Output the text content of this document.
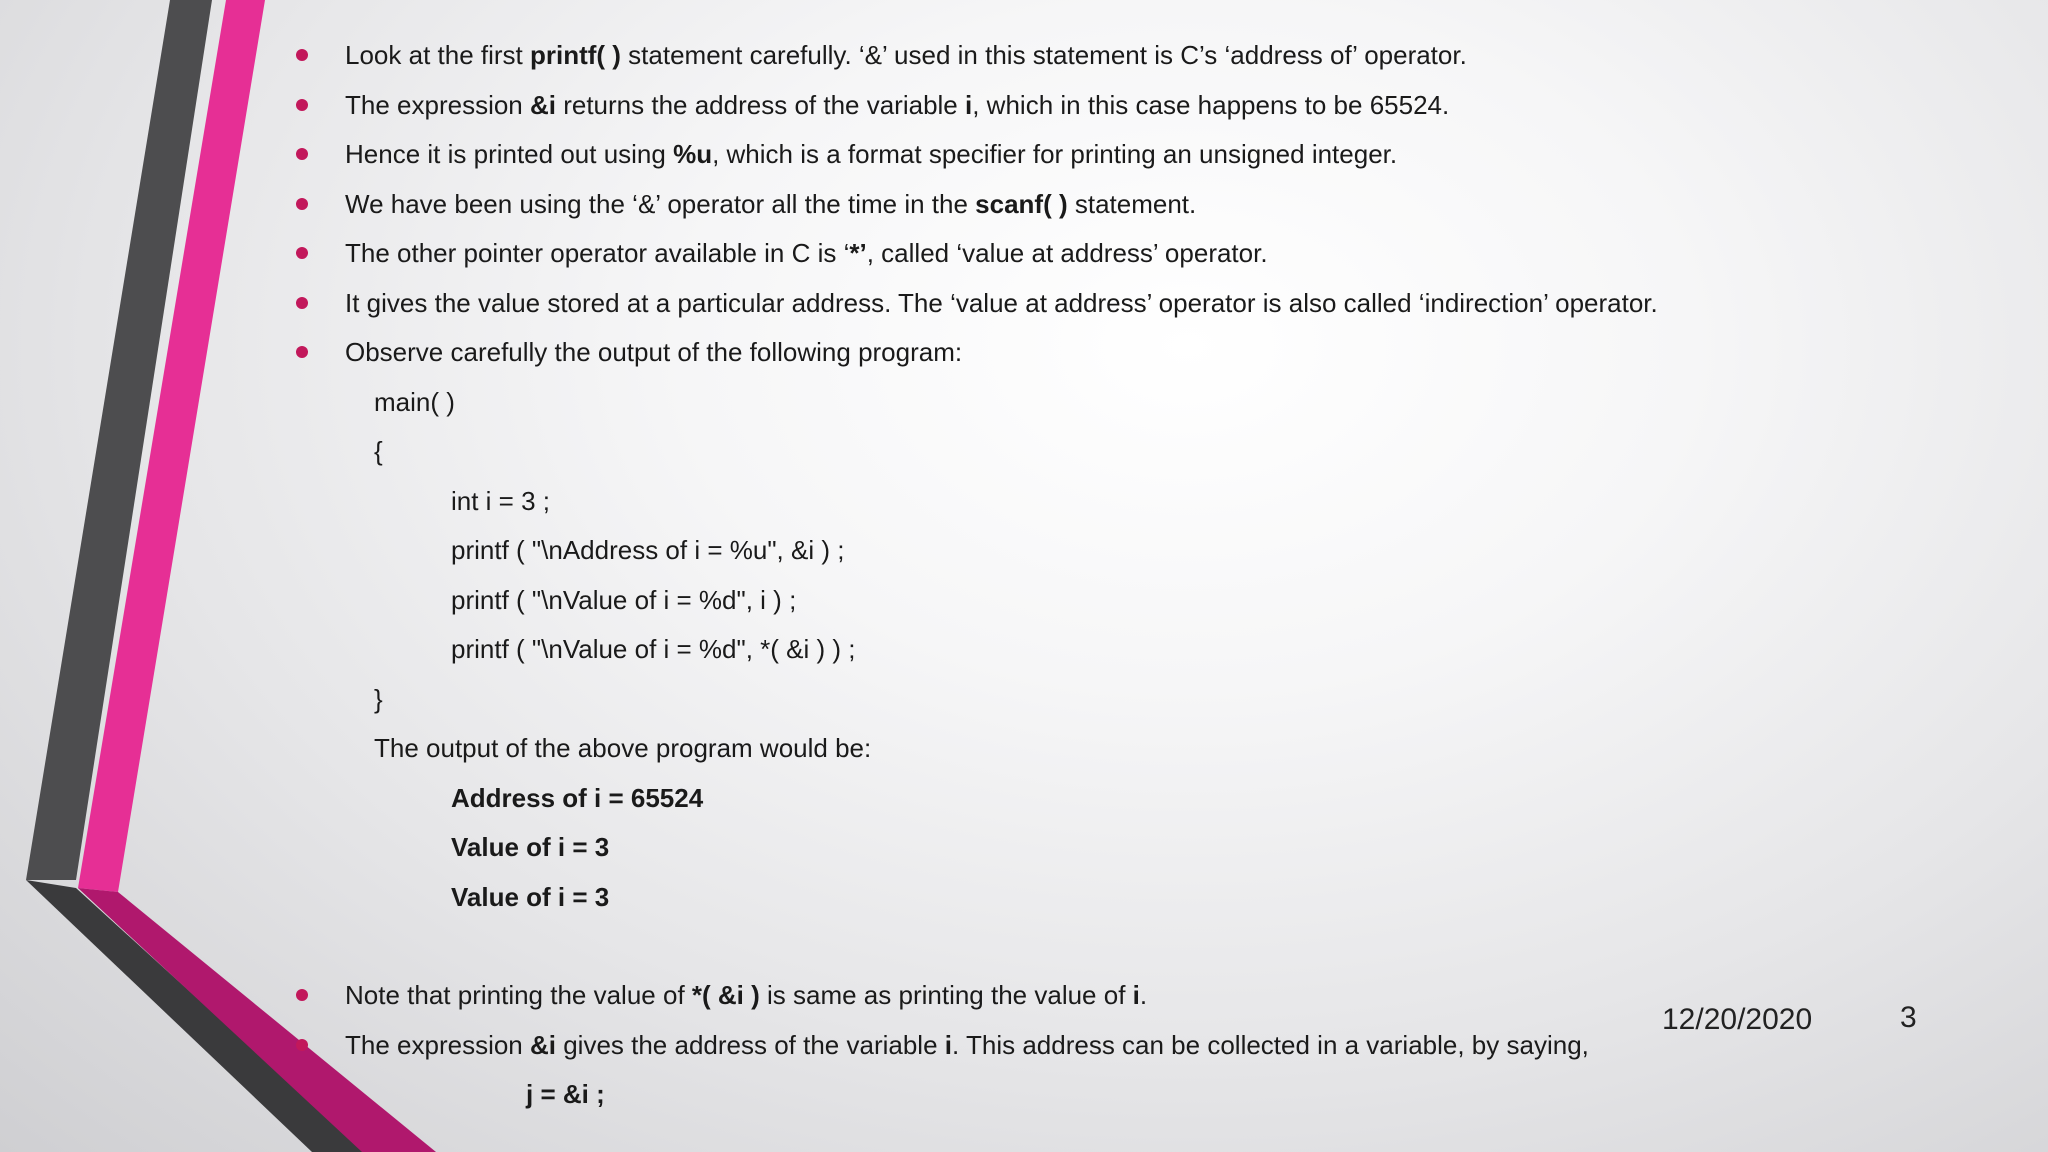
Look at the first printf( ) statement carefully. ‘&’ used in this statement is C’s ‘address of’ operator.
The expression &i returns the address of the variable i, which in this case happens to be 65524.
Hence it is printed out using %u, which is a format specifier for printing an unsigned integer.
We have been using the ‘&’ operator all the time in the scanf( ) statement.
The other pointer operator available in C is ‘*’, called ‘value at address’ operator.
It gives the value stored at a particular address. The ‘value at address’ operator is also called ‘indirection’ operator.
Observe carefully the output of the following program:
main( )
{
int i = 3 ;
printf ( "\nAddress of i = %u", &i ) ;
printf ( "\nValue of i = %d", i ) ;
printf ( "\nValue of i = %d", *( &i ) ) ;
}
The output of the above program would be:
Address of i = 65524
Value of i = 3
Value of i = 3
Note that printing the value of *( &i ) is same as printing the value of i.
The expression &i gives the address of the variable i. This address can be collected in a variable, by saying,
j = &i ;
12/20/2020	3
